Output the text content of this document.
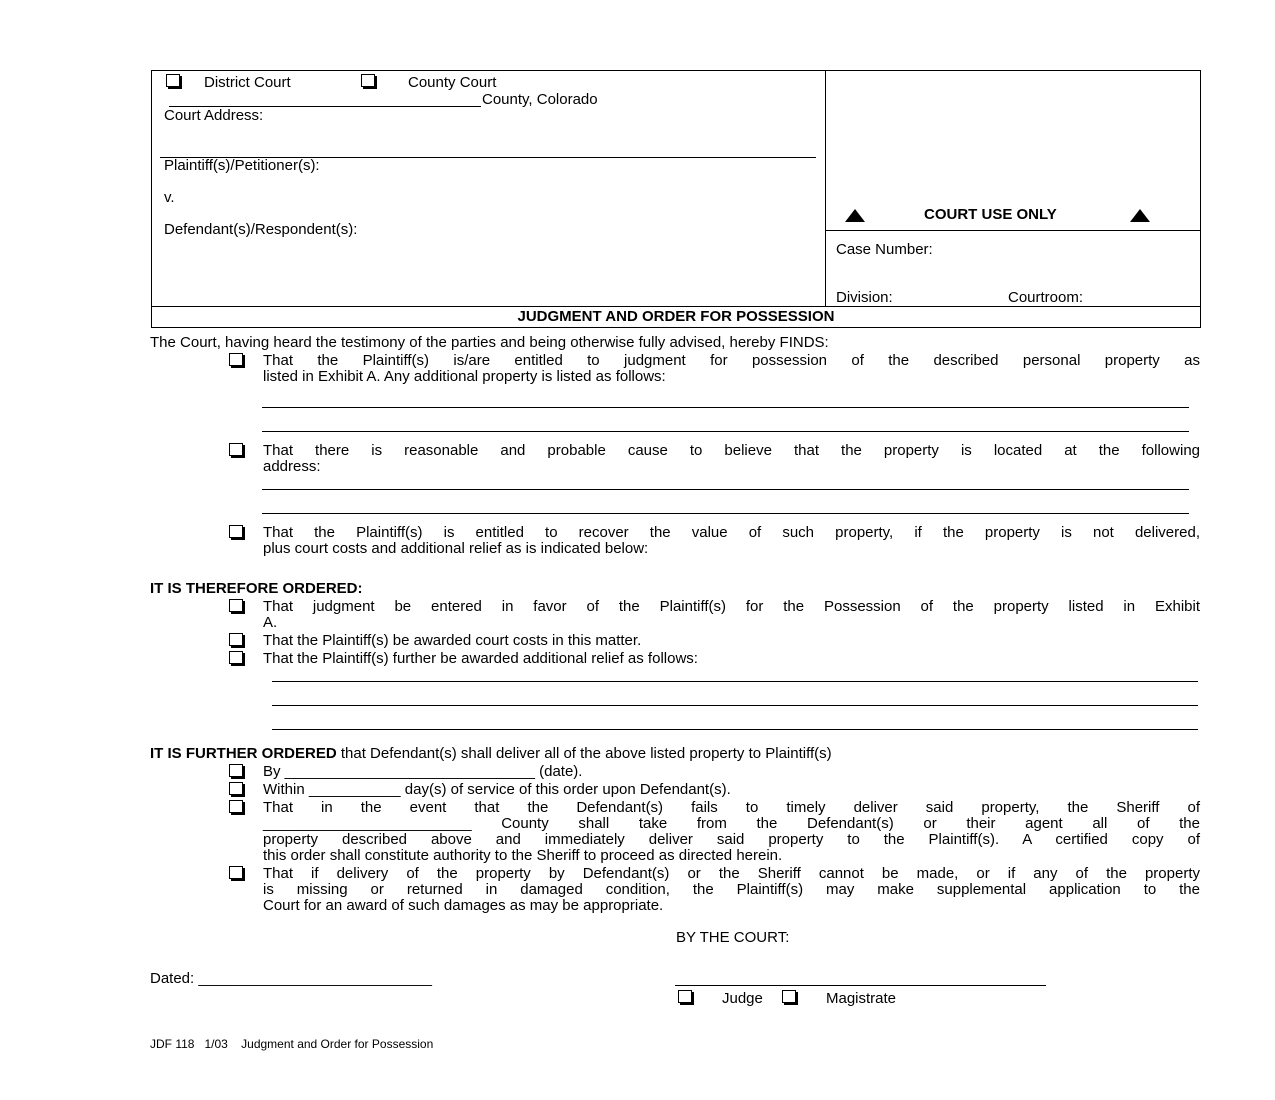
District Court	County Court
County, Colorado
Court Address:
Plaintiff(s)/Petitioner(s):
v.
Defendant(s)/Respondent(s):
COURT USE ONLY
Case Number:
Division:	Courtroom:
JUDGMENT AND ORDER FOR POSSESSION
The Court, having heard the testimony of the parties and being otherwise fully advised, hereby FINDS:
That the Plaintiff(s) is/are entitled to judgment for possession of the described personal property as
listed in Exhibit A. Any additional property is listed as follows:
That there is reasonable and probable cause to believe that the property is located at the following
address:
That the Plaintiff(s) is entitled to recover the value of such property, if the property is not delivered,
plus court costs and additional relief as is indicated below:
IT IS THEREFORE ORDERED:
That judgment be entered in favor of the Plaintiff(s) for the Possession of the property listed in Exhibit
A.
That the Plaintiff(s) be awarded court costs in this matter.
That the Plaintiff(s) further be awarded additional relief as follows:
IT IS FURTHER ORDERED that Defendant(s) shall deliver all of the above listed property to Plaintiff(s)
By ______________________________ (date).
Within ___________ day(s) of service of this order upon Defendant(s).
That in the event that the Defendant(s) fails to timely deliver said property, the Sheriff of
_________________________ County shall take from the Defendant(s) or their agent all of the
property described above and immediately deliver said property to the Plaintiff(s). A certified copy of
this order shall constitute authority to the Sheriff to proceed as directed herein.
That if delivery of the property by Defendant(s) or the Sheriff cannot be made, or if any of the property
is missing or returned in damaged condition, the Plaintiff(s) may make supplemental application to the
Court for an award of such damages as may be appropriate.
BY THE COURT:
Dated: ____________________________
Judge	Magistrate
JDF 118   1/03    Judgment and Order for Possession
